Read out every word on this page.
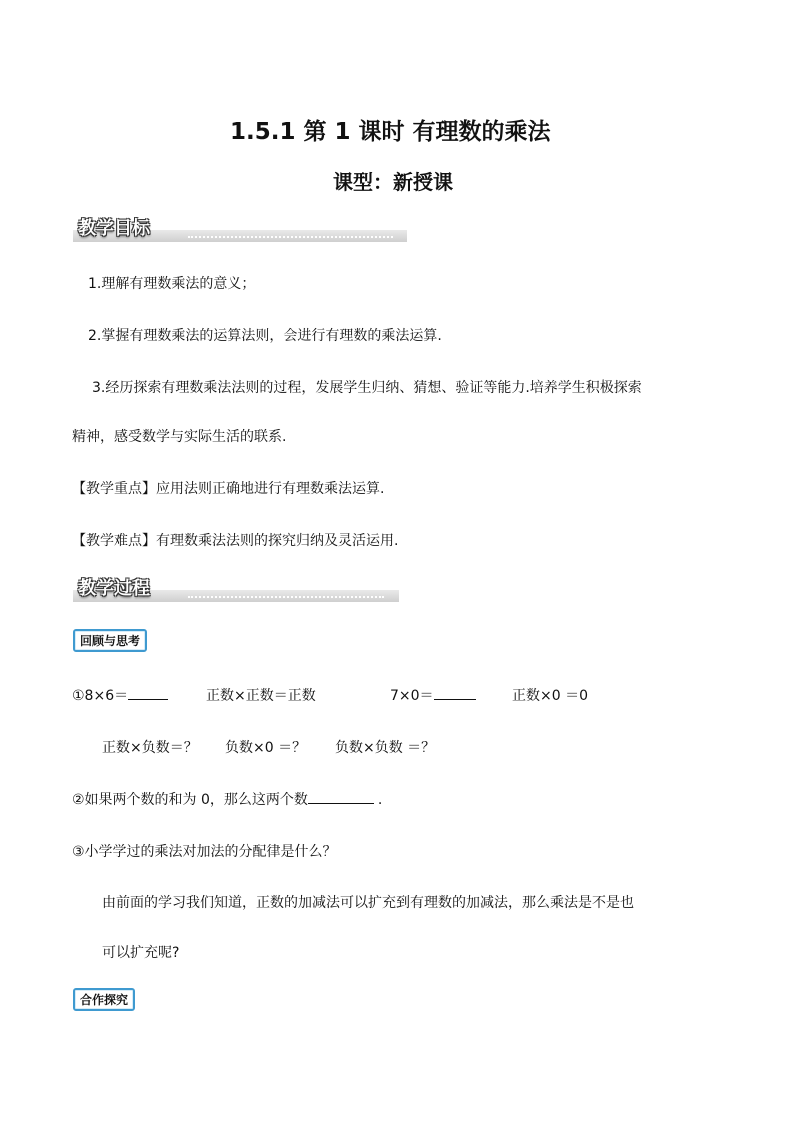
1.5.1 第 1 课时 有理数的乘法
课型：新授课
教学目标
1.理解有理数乘法的意义；
2.掌握有理数乘法的运算法则，会进行有理数的乘法运算.
3.经历探索有理数乘法法则的过程，发展学生归纳、猜想、验证等能力.培养学生积极探索
精神，感受数学与实际生活的联系.
【教学重点】应用法则正确地进行有理数乘法运算.
【教学难点】有理数乘法法则的探究归纳及灵活运用.
教学过程
回顾与思考
①8×6＝	正数×正数＝正数	7×0＝	正数×0 ＝0
正数×负数＝？ 负数×0 ＝？ 负数×负数 ＝？
②如果两个数的和为 0，那么这两个数	.
③小学学过的乘法对加法的分配律是什么？
由前面的学习我们知道，正数的加减法可以扩充到有理数的加减法，那么乘法是不是也
可以扩充呢?
合作探究
